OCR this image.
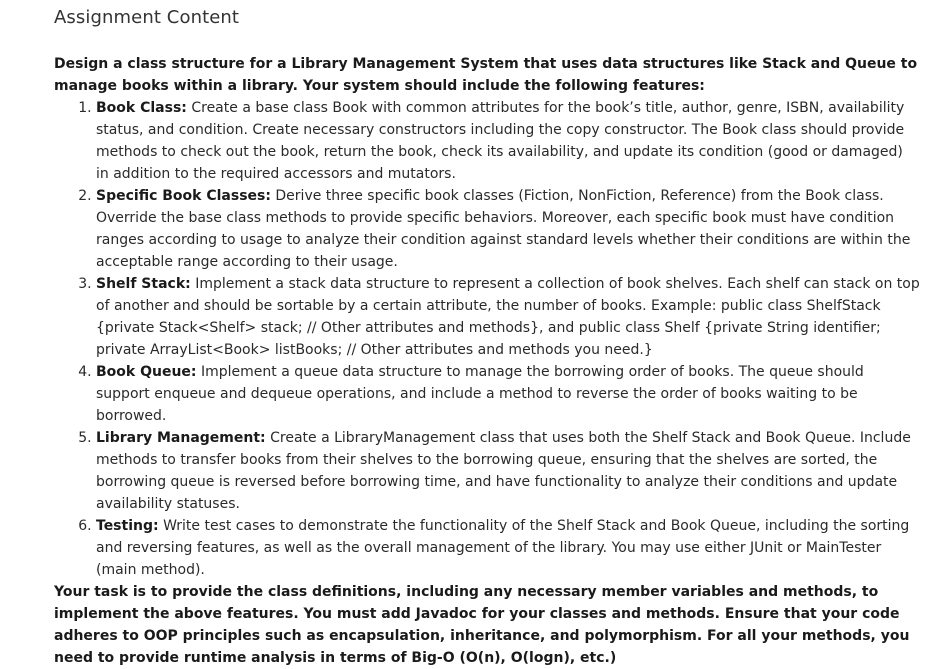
Assignment Content

Design a class structure for a Library Management System that uses data structures like Stack and Queue to manage books within a library. Your system should include the following features:

1. Book Class: Create a base class Book with common attributes for the book’s title, author, genre, ISBN, availability status, and condition. Create necessary constructors including the copy constructor. The Book class should provide methods to check out the book, return the book, check its availability, and update its condition (good or damaged) in addition to the required accessors and mutators.
2. Specific Book Classes: Derive three specific book classes (Fiction, NonFiction, Reference) from the Book class. Override the base class methods to provide specific behaviors. Moreover, each specific book must have condition ranges according to usage to analyze their condition against standard levels whether their conditions are within the acceptable range according to their usage.
3. Shelf Stack: Implement a stack data structure to represent a collection of book shelves. Each shelf can stack on top of another and should be sortable by a certain attribute, the number of books. Example: public class ShelfStack {private Stack<Shelf> stack; // Other attributes and methods}, and public class Shelf {private String identifier; private ArrayList<Book> listBooks; // Other attributes and methods you need.}
4. Book Queue: Implement a queue data structure to manage the borrowing order of books. The queue should support enqueue and dequeue operations, and include a method to reverse the order of books waiting to be borrowed.
5. Library Management: Create a LibraryManagement class that uses both the Shelf Stack and Book Queue. Include methods to transfer books from their shelves to the borrowing queue, ensuring that the shelves are sorted, the borrowing queue is reversed before borrowing time, and have functionality to analyze their conditions and update availability statuses.
6. Testing: Write test cases to demonstrate the functionality of the Shelf Stack and Book Queue, including the sorting and reversing features, as well as the overall management of the library. You may use either JUnit or MainTester (main method).

Your task is to provide the class definitions, including any necessary member variables and methods, to implement the above features. You must add Javadoc for your classes and methods. Ensure that your code adheres to OOP principles such as encapsulation, inheritance, and polymorphism. For all your methods, you need to provide runtime analysis in terms of Big-O (O(n), O(logn), etc.)
